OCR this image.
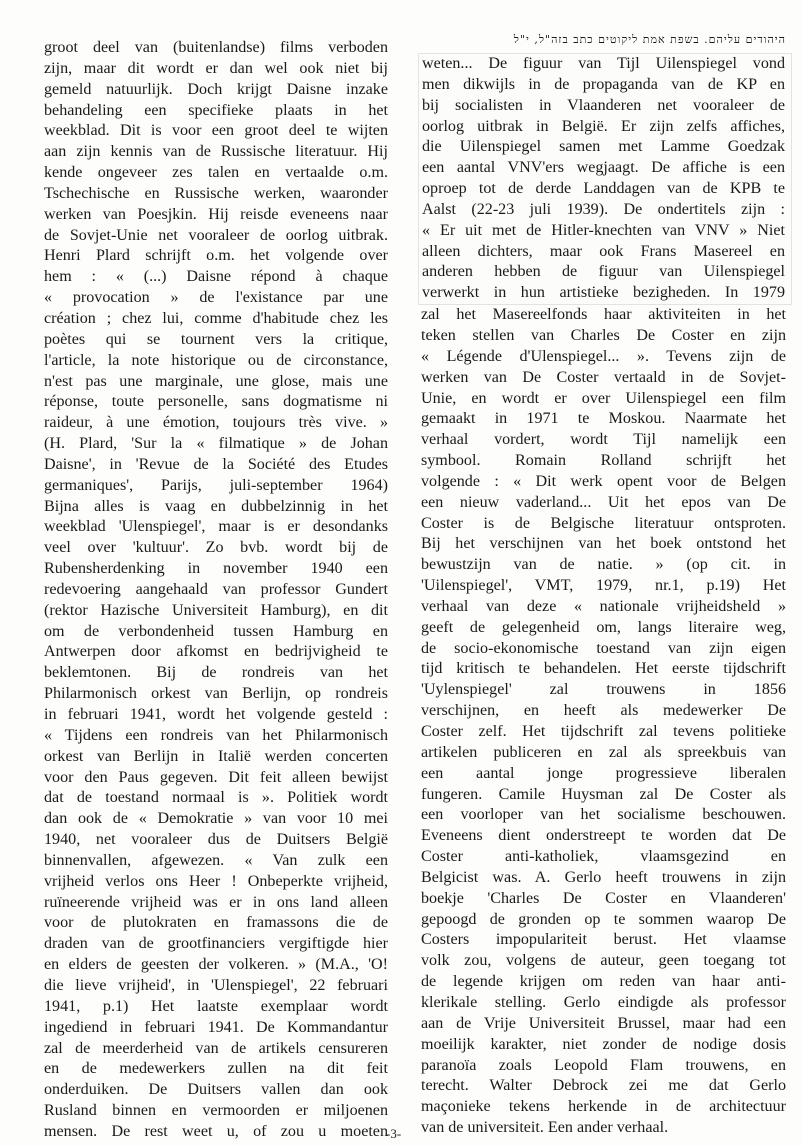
groot deel van (buitenlandse) films verboden
zijn, maar dit wordt er dan wel ook niet bij
gemeld natuurlijk. Doch krijgt Daisne inzake
behandeling een specifieke plaats in het
weekblad. Dit is voor een groot deel te wijten
aan zijn kennis van de Russische literatuur. Hij
kende ongeveer zes talen en vertaalde o.m.
Tschechische en Russische werken, waaronder
werken van Poesjkin. Hij reisde eveneens naar
de Sovjet-Unie net vooraleer de oorlog uitbrak.
Henri Plard schrijft o.m. het volgende over
hem : « (...) Daisne répond à chaque
« provocation » de l'existance par une
création ; chez lui, comme d'habitude chez les
poètes qui se tournent vers la critique,
l'article, la note historique ou de circonstance,
n'est pas une marginale, une glose, mais une
réponse, toute personelle, sans dogmatisme ni
raideur, à une émotion, toujours très vive. »
(H. Plard, 'Sur la « filmatique » de Johan
Daisne', in 'Revue de la Société des Etudes
germaniques', Parijs, juli-september 1964)
Bijna alles is vaag en dubbelzinnig in het
weekblad 'Ulenspiegel', maar is er desondanks
veel over 'kultuur'. Zo bvb. wordt bij de
Rubensherdenking in november 1940 een
redevoering aangehaald van professor Gundert
(rektor Hazische Universiteit Hamburg), en dit
om de verbondenheid tussen Hamburg en
Antwerpen door afkomst en bedrijvigheid te
beklemtonen. Bij de rondreis van het
Philarmonisch orkest van Berlijn, op rondreis
in februari 1941, wordt het volgende gesteld :
« Tijdens een rondreis van het Philarmonisch
orkest van Berlijn in Italië werden concerten
voor den Paus gegeven. Dit feit alleen bewijst
dat de toestand normaal is ». Politiek wordt
dan ook de « Demokratie » van voor 10 mei
1940, net vooraleer dus de Duitsers België
binnenvallen, afgewezen. « Van zulk een
vrijheid verlos ons Heer ! Onbeperkte vrijheid,
ruïneerende vrijheid was er in ons land alleen
voor de plutokraten en framassons die de
draden van de grootfinanciers vergiftigde hier
en elders de geesten der volkeren. » (M.A., 'O!
die lieve vrijheid', in 'Ulenspiegel', 22 februari
1941, p.1) Het laatste exemplaar wordt
ingediend in februari 1941. De Kommandantur
zal de meerderheid van de artikels censureren
en de medewerkers zullen na dit feit
onderduiken. De Duitsers vallen dan ook
Rusland binnen en vermoorden er miljoenen
mensen. De rest weet u, of zou u moeten
היהודים עליהם. בשפת אמת ליקוטים כתב בזה"ל, י"ל
weten... De figuur van Tijl Uilenspiegel vond
men dikwijls in de propaganda van de KP en
bij socialisten in Vlaanderen net vooraleer de
oorlog uitbrak in België. Er zijn zelfs affiches,
die Uilenspiegel samen met Lamme Goedzak
een aantal VNV'ers wegjaagt. De affiche is een
oproep tot de derde Landdagen van de KPB te
Aalst (22-23 juli 1939). De ondertitels zijn :
« Er uit met de Hitler-knechten van VNV » Niet
alleen dichters, maar ook Frans Masereel en
anderen hebben de figuur van Uilenspiegel
verwerkt in hun artistieke bezigheden. In 1979
zal het Masereelfonds haar aktiviteiten in het
teken stellen van Charles De Coster en zijn
« Légende d'Ulenspiegel... ». Tevens zijn de
werken van De Coster vertaald in de Sovjet-
Unie, en wordt er over Uilenspiegel een film
gemaakt in 1971 te Moskou. Naarmate het
verhaal vordert, wordt Tijl namelijk een
symbool. Romain Rolland schrijft het
volgende : « Dit werk opent voor de Belgen
een nieuw vaderland... Uit het epos van De
Coster is de Belgische literatuur ontsproten.
Bij het verschijnen van het boek ontstond het
bewustzijn van de natie. » (op cit. in
'Uilenspiegel', VMT, 1979, nr.1, p.19) Het
verhaal van deze « nationale vrijheidsheld »
geeft de gelegenheid om, langs literaire weg,
de socio-ekonomische toestand van zijn eigen
tijd kritisch te behandelen. Het eerste tijdschrift
'Uylenspiegel' zal trouwens in 1856
verschijnen, en heeft als medewerker De
Coster zelf. Het tijdschrift zal tevens politieke
artikelen publiceren en zal als spreekbuis van
een aantal jonge progressieve liberalen
fungeren. Camile Huysman zal De Coster als
een voorloper van het socialisme beschouwen.
Eveneens dient onderstreept te worden dat De
Coster anti-katholiek, vlaamsgezind en
Belgicist was. A. Gerlo heeft trouwens in zijn
boekje 'Charles De Coster en Vlaanderen'
gepoogd de gronden op te sommen waarop De
Costers impopulariteit berust. Het vlaamse
volk zou, volgens de auteur, geen toegang tot
de legende krijgen om reden van haar anti-
klerikale stelling. Gerlo eindigde als professor
aan de Vrije Universiteit Brussel, maar had een
moeilijk karakter, niet zonder de nodige dosis
paranoïa zoals Leopold Flam trouwens, en
terecht. Walter Debrock zei me dat Gerlo
maçonieke tekens herkende in de architectuur
van de universiteit. Een ander verhaal.
-3-
